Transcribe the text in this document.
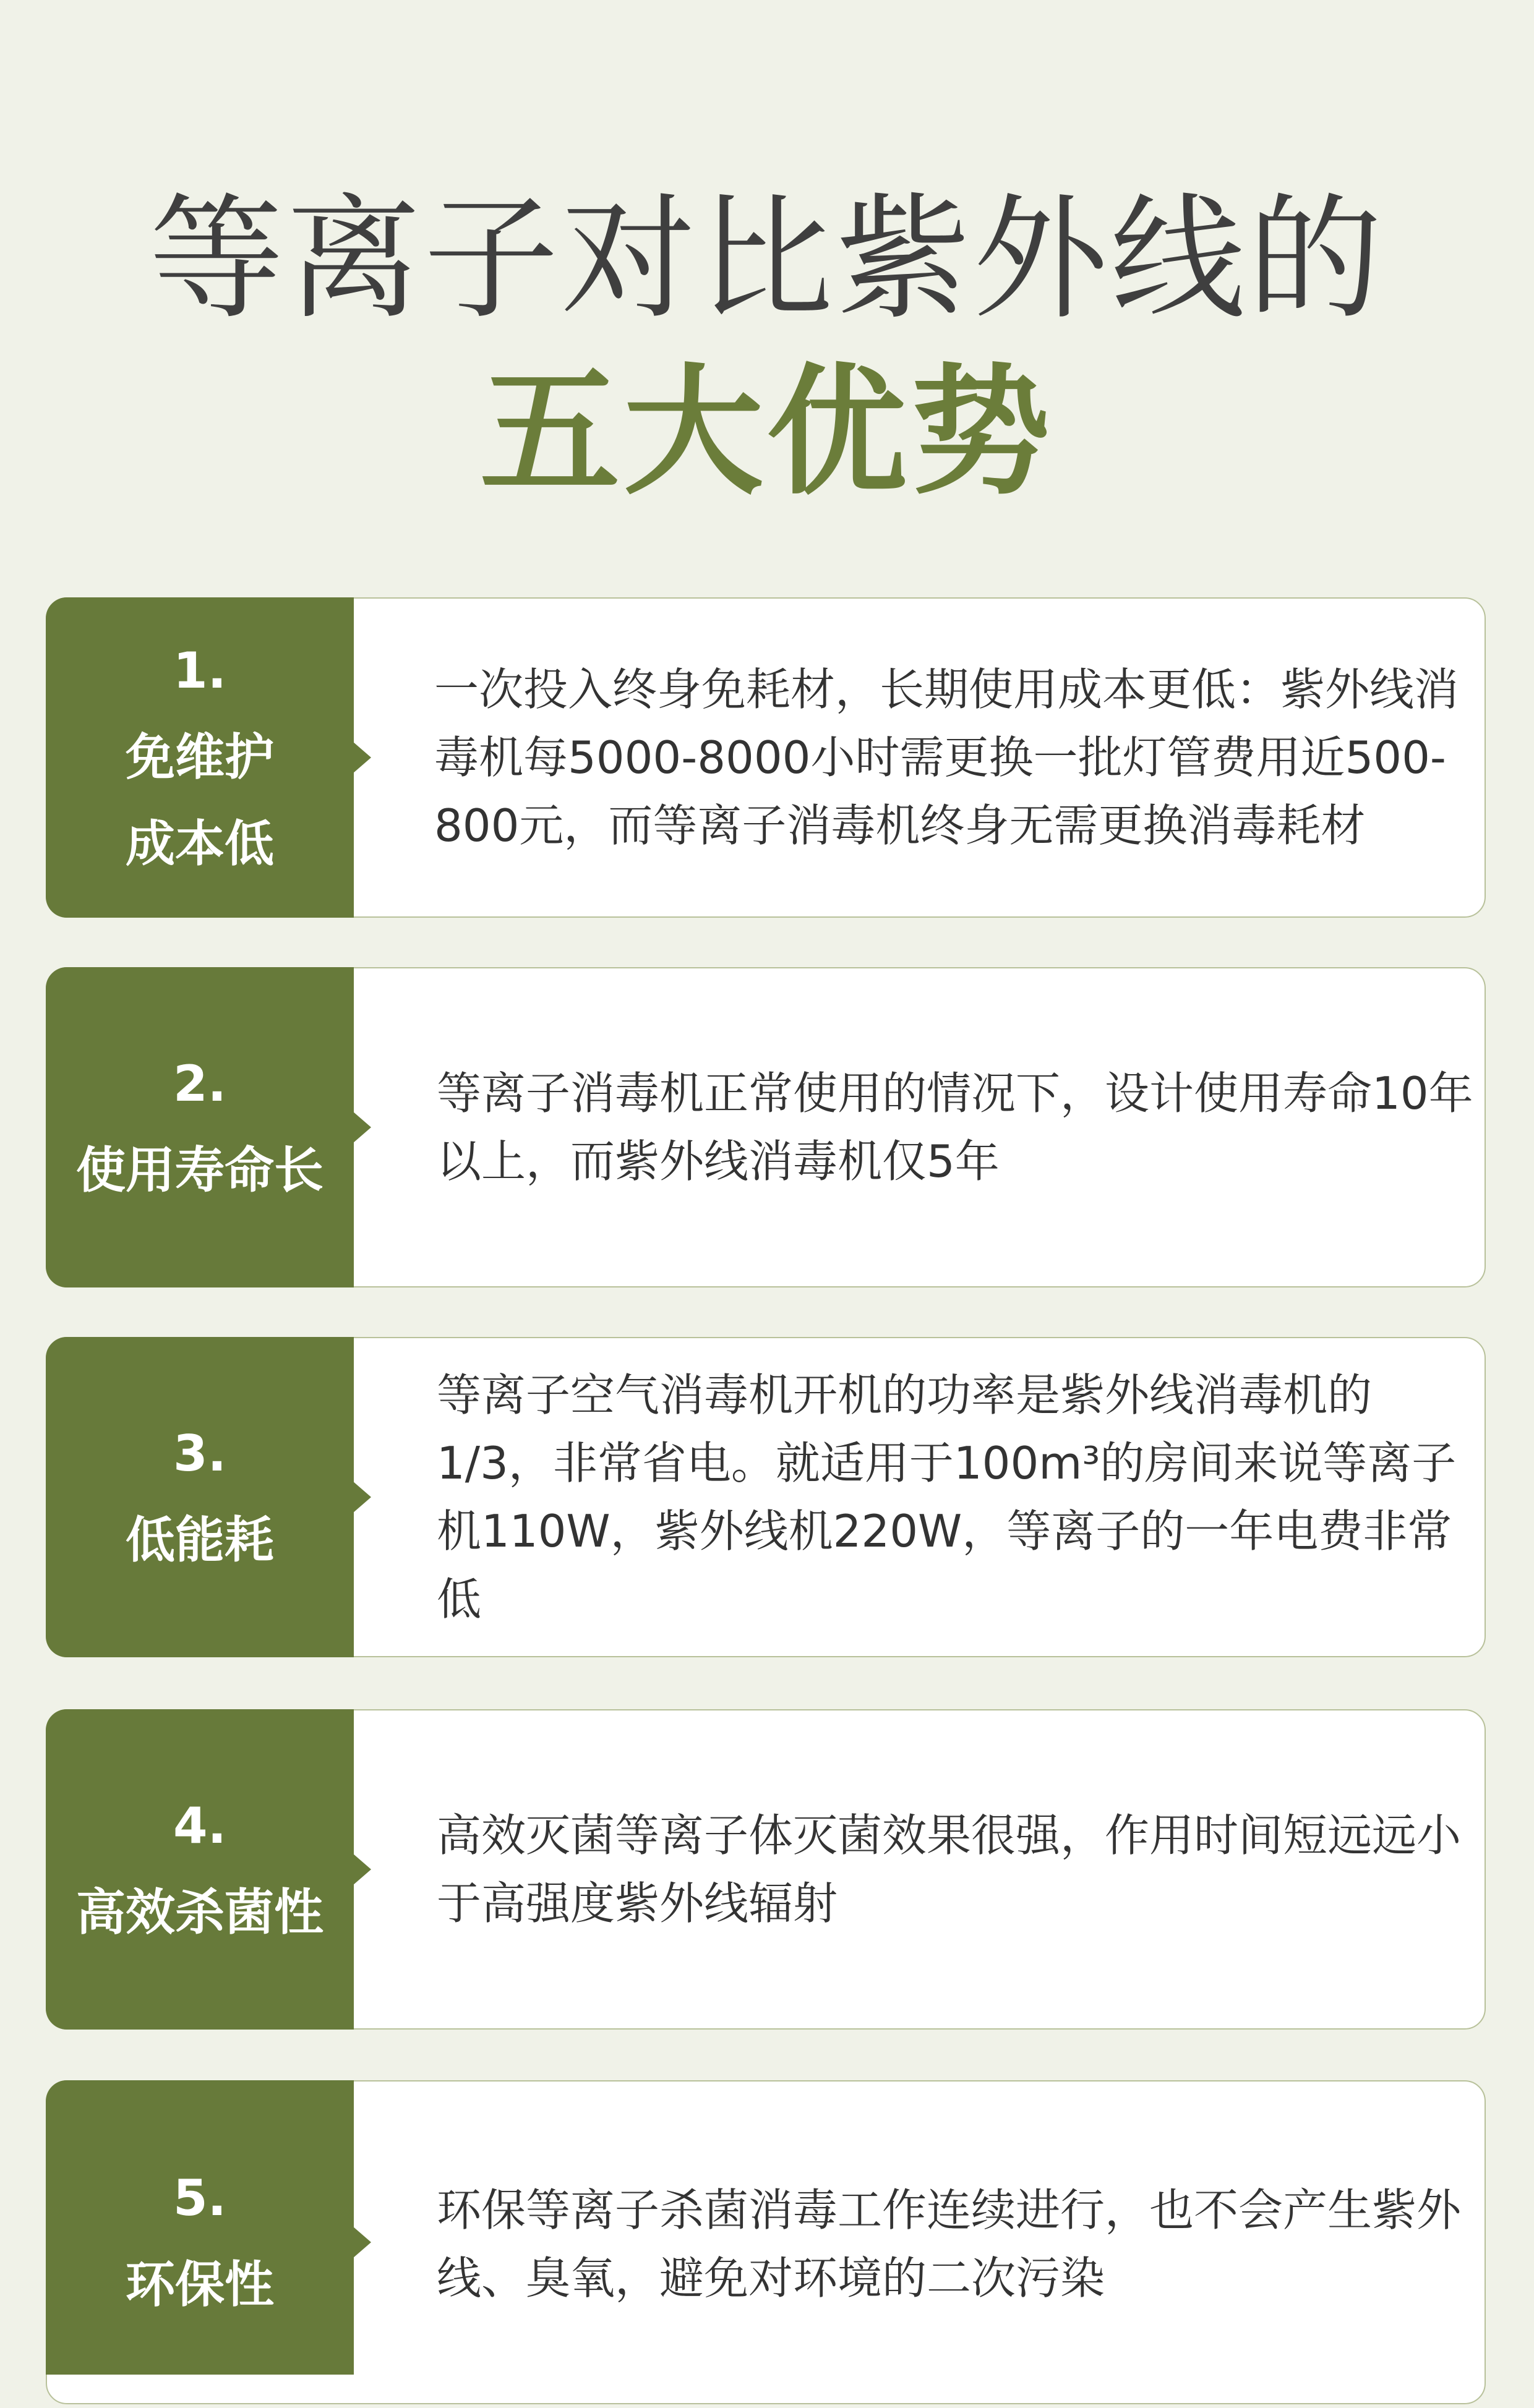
等离子对比紫外线的
五大优势
1.
免维护
成本低

一次投入终身免耗材，长期使用成本更低：紫外线消毒机每5000-8000小时需更换一批灯管费用近500-800元，而等离子消毒机终身无需更换消毒耗材

2.
使用寿命长

等离子消毒机正常使用的情况下，设计使用寿命10年以上，而紫外线消毒机仅5年

3.
低能耗

等离子空气消毒机开机的功率是紫外线消毒机的1/3，非常省电。就适用于100m³的房间来说等离子机110W，紫外线机220W，等离子的一年电费非常低

4.
高效杀菌性

高效灭菌等离子体灭菌效果很强，作用时间短远远小于高强度紫外线辐射

5.
环保性

环保等离子杀菌消毒工作连续进行，也不会产生紫外线、臭氧，避免对环境的二次污染
